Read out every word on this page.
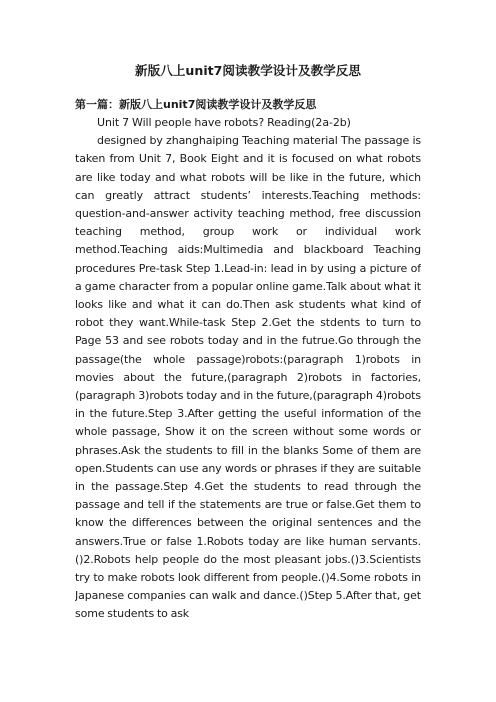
新版八上unit7阅读教学设计及教学反思
第一篇：新版八上unit7阅读教学设计及教学反思
Unit 7 Will people have robots? Reading(2a-2b)
designed by zhanghaiping Teaching material The passage is taken from Unit 7, Book Eight and it is focused on what robots are like today and what robots will be like in the future, which can greatly attract students’ interests.Teaching methods: question-and-answer activity teaching method, free discussion teaching method, group work or individual work method.Teaching aids:Multimedia and blackboard Teaching procedures Pre-task Step 1.Lead-in: lead in by using a picture of a game character from a popular online game.Talk about what it looks like and what it can do.Then ask students what kind of robot they want.While-task Step 2.Get the stdents to turn to Page 53 and see robots today and in the futrue.Go through the passage(the whole passage)robots:(paragraph 1)robots in movies about the future,(paragraph 2)robots in factories,(paragraph 3)robots today and in the future,(paragraph 4)robots in the future.Step 3.After getting the useful information of the whole passage, Show it on the screen without some words or phrases.Ask the students to fill in the blanks Some of them are open.Students can use any words or phrases if they are suitable in the passage.Step 4.Get the students to read through the passage and tell if the statements are true or false.Get them to know the differences between the original sentences and the answers.True or false 1.Robots today are like human servants.()2.Robots help people do the most pleasant jobs.()3.Scientists try to make robots look different from people.()4.Some robots in Japanese companies can walk and dance.()Step 5.After that, get some students to ask
